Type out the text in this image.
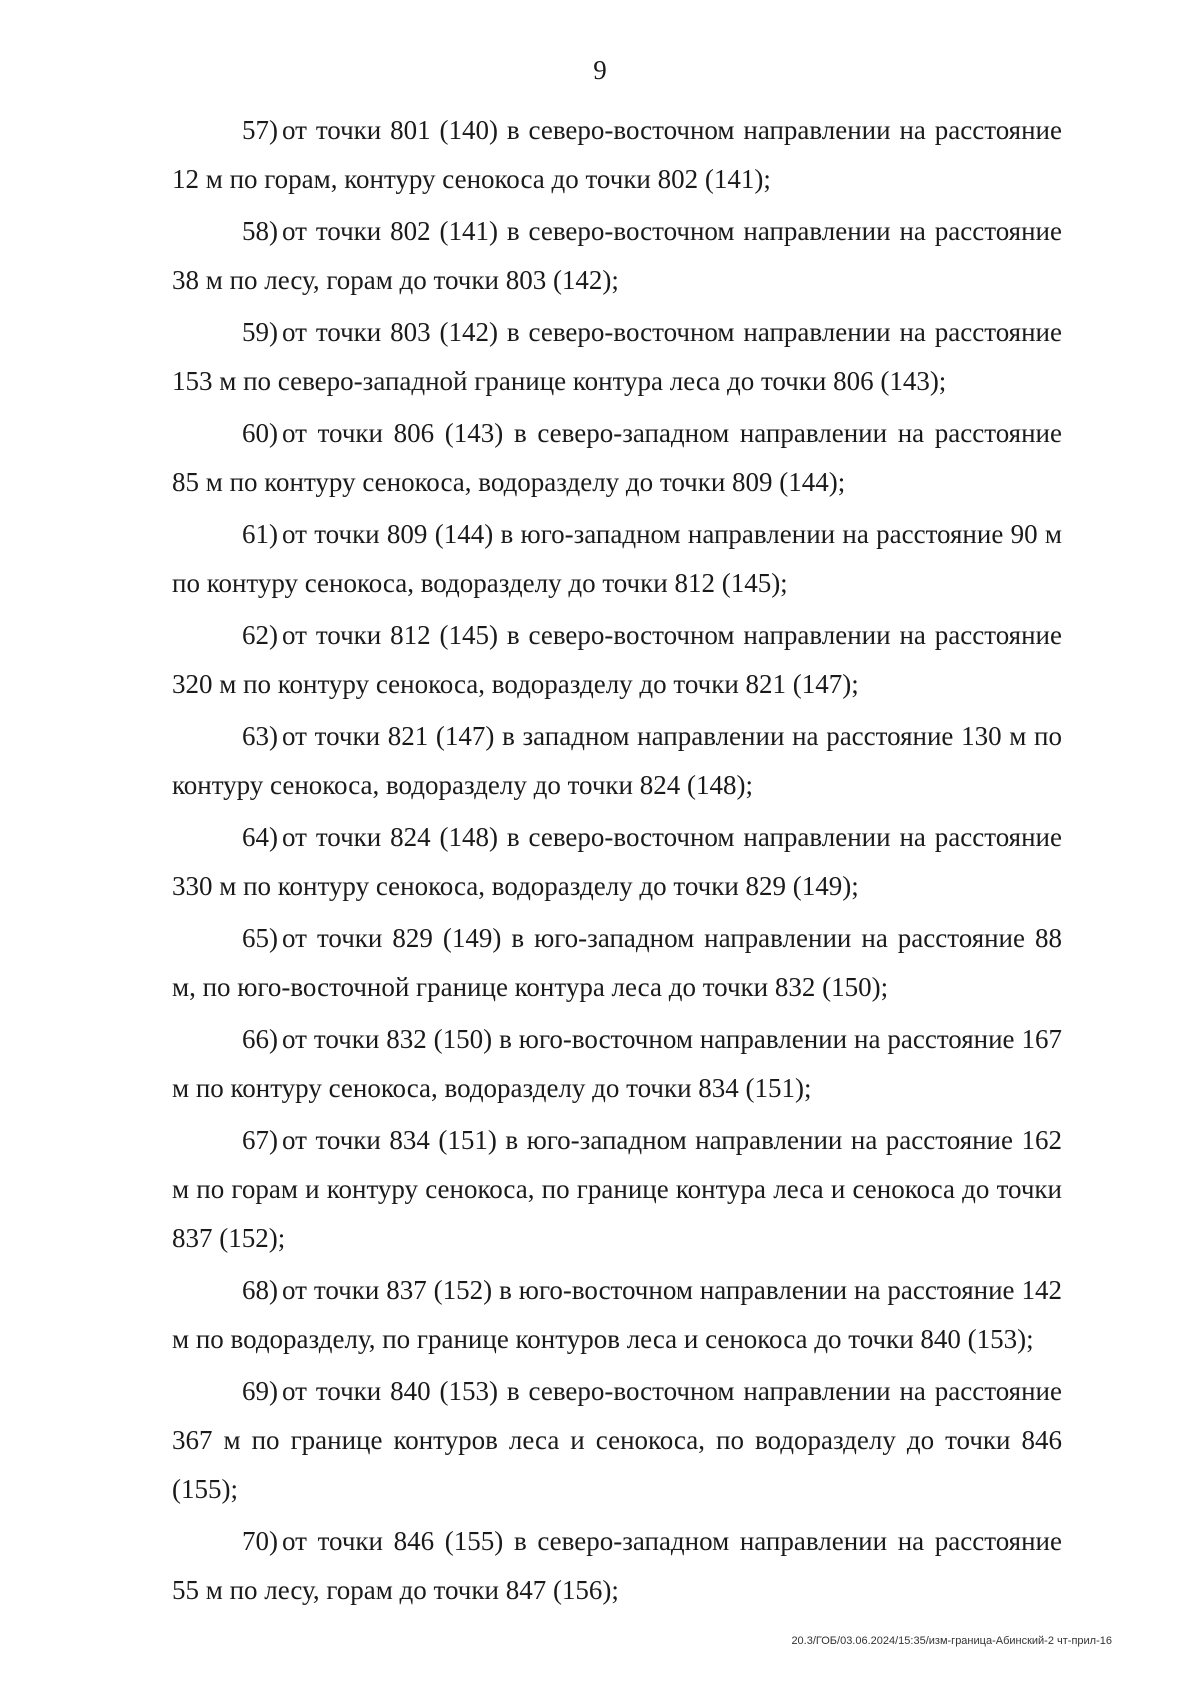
9

57) от точки 801 (140) в северо-восточном направлении на расстояние 12 м по горам, контуру сенокоса до точки 802 (141);

58) от точки 802 (141) в северо-восточном направлении на расстояние 38 м по лесу, горам до точки 803 (142);

59) от точки 803 (142) в северо-восточном направлении на расстояние 153 м по северо-западной границе контура леса до точки 806 (143);

60) от точки 806 (143) в северо-западном направлении на расстояние 85 м по контуру сенокоса, водоразделу до точки 809 (144);

61) от точки 809 (144) в юго-западном направлении на расстояние 90 м по контуру сенокоса, водоразделу до точки 812 (145);

62) от точки 812 (145) в северо-восточном направлении на расстояние 320 м по контуру сенокоса, водоразделу до точки 821 (147);

63) от точки 821 (147) в западном направлении на расстояние 130 м по контуру сенокоса, водоразделу до точки 824 (148);

64) от точки 824 (148) в северо-восточном направлении на расстояние 330 м по контуру сенокоса, водоразделу до точки 829 (149);

65) от точки 829 (149) в юго-западном направлении на расстояние 88 м, по юго-восточной границе контура леса до точки 832 (150);

66) от точки 832 (150) в юго-восточном направлении на расстояние 167 м по контуру сенокоса, водоразделу до точки 834 (151);

67) от точки 834 (151) в юго-западном направлении на расстояние 162 м по горам и контуру сенокоса, по границе контура леса и сенокоса до точки 837 (152);

68) от точки 837 (152) в юго-восточном направлении на расстояние 142 м по водоразделу, по границе контуров леса и сенокоса до точки 840 (153);

69) от точки 840 (153) в северо-восточном направлении на расстояние 367 м по границе контуров леса и сенокоса, по водоразделу до точки 846 (155);

70) от точки 846 (155) в северо-западном направлении на расстояние 55 м по лесу, горам до точки 847 (156);

20.3/ГОБ/03.06.2024/15:35/изм-граница-Абинский-2 чт-прил-16
